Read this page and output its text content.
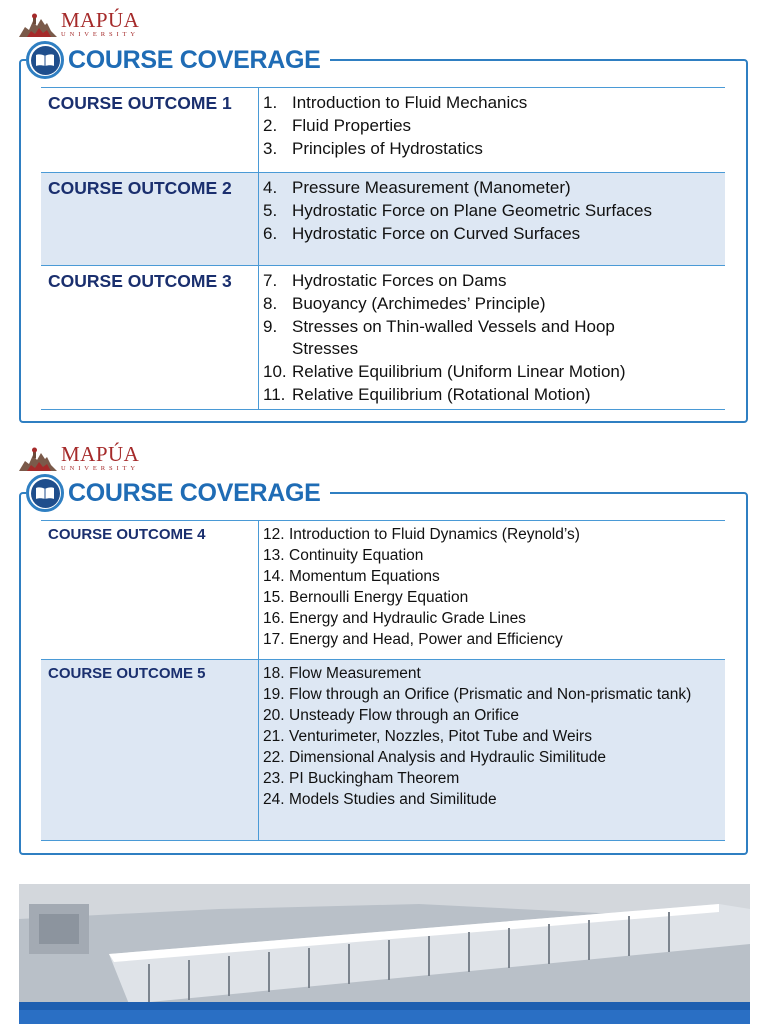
MAPÚA
UNIVERSITY
COURSE COVERAGE
COURSE OUTCOME 1	1. Introduction to Fluid Mechanics
2. Fluid Properties
3. Principles of Hydrostatics
COURSE OUTCOME 2	4. Pressure Measurement (Manometer)
5. Hydrostatic Force on Plane Geometric Surfaces
6. Hydrostatic Force on Curved Surfaces
COURSE OUTCOME 3	7. Hydrostatic Forces on Dams
8. Buoyancy (Archimedes’ Principle)
9. Stresses on Thin-walled Vessels and Hoop Stresses
10. Relative Equilibrium (Uniform Linear Motion)
11. Relative Equilibrium (Rotational Motion)
MAPÚA
UNIVERSITY
COURSE COVERAGE
COURSE OUTCOME 4	12. Introduction to Fluid Dynamics (Reynold’s)
13. Continuity Equation
14. Momentum Equations
15. Bernoulli Energy Equation
16. Energy and Hydraulic Grade Lines
17. Energy and Head, Power and Efficiency
COURSE OUTCOME 5	18. Flow Measurement
19. Flow through an Orifice (Prismatic and Non-prismatic tank)
20. Unsteady Flow through an Orifice
21. Venturimeter, Nozzles, Pitot Tube and Weirs
22. Dimensional Analysis and Hydraulic Similitude
23. PI Buckingham Theorem
24. Models Studies and Similitude
